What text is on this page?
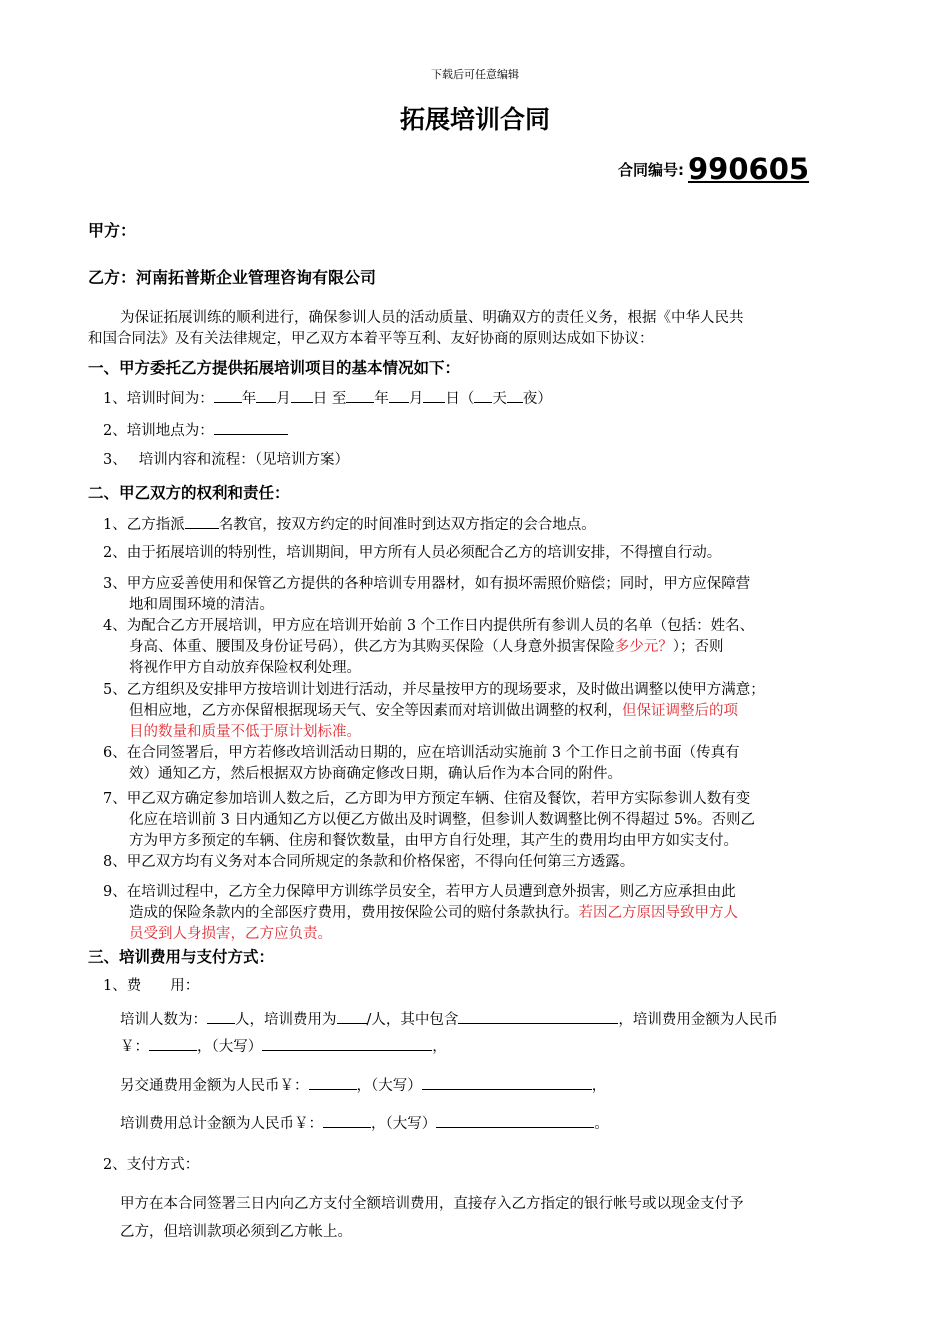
下载后可任意编辑
拓展培训合同
合同编号: 990605
甲方：
乙方：河南拓普斯企业管理咨询有限公司
为保证拓展训练的顺利进行，确保参训人员的活动质量、明确双方的责任义务，根据《中华人民共
和国合同法》及有关法律规定，甲乙双方本着平等互利、友好协商的原则达成如下协议：
一、甲方委托乙方提供拓展培训项目的基本情况如下：
1、培训时间为： 年 月 日 至 年 月 日（ 天 夜）
2、培训地点为：
3、 培训内容和流程：（见培训方案）
二、甲乙双方的权利和责任：
1、乙方指派 名教官，按双方约定的时间准时到达双方指定的会合地点。
2、由于拓展培训的特别性，培训期间，甲方所有人员必须配合乙方的培训安排，不得擅自行动。
3、甲方应妥善使用和保管乙方提供的各种培训专用器材，如有损坏需照价赔偿；同时，甲方应保障营
地和周围环境的清洁。
4、为配合乙方开展培训，甲方应在培训开始前 3 个工作日内提供所有参训人员的名单（包括：姓名、
身高、体重、腰围及身份证号码），供乙方为其购买保险（人身意外损害保险多少元？）；否则
将视作甲方自动放弃保险权利处理。
5、乙方组织及安排甲方按培训计划进行活动，并尽量按甲方的现场要求，及时做出调整以使甲方满意；
但相应地，乙方亦保留根据现场天气、安全等因素而对培训做出调整的权利，但保证调整后的项
目的数量和质量不低于原计划标准。
6、在合同签署后，甲方若修改培训活动日期的，应在培训活动实施前 3 个工作日之前书面（传真有
效）通知乙方，然后根据双方协商确定修改日期，确认后作为本合同的附件。
7、甲乙双方确定参加培训人数之后，乙方即为甲方预定车辆、住宿及餐饮，若甲方实际参训人数有变
化应在培训前 3 日内通知乙方以便乙方做出及时调整，但参训人数调整比例不得超过 5%。否则乙
方为甲方多预定的车辆、住房和餐饮数量，由甲方自行处理，其产生的费用均由甲方如实支付。
8、甲乙双方均有义务对本合同所规定的条款和价格保密，不得向任何第三方透露。
9、在培训过程中，乙方全力保障甲方训练学员安全，若甲方人员遭到意外损害，则乙方应承担由此
造成的保险条款内的全部医疗费用，费用按保险公司的赔付条款执行。若因乙方原因导致甲方人
员受到人身损害，乙方应负责。
三、培训费用与支付方式：
1、费　　用：
培训人数为： 人，培训费用为 /人，其中包含	，培训费用金额为人民币
￥：	，（大写）	，
另交通费用金额为人民币￥：	，（大写）	，
培训费用总计金额为人民币￥：	，（大写）	。
2、支付方式：
甲方在本合同签署三日内向乙方支付全额培训费用，直接存入乙方指定的银行帐号或以现金支付予
乙方，但培训款项必须到乙方帐上。
